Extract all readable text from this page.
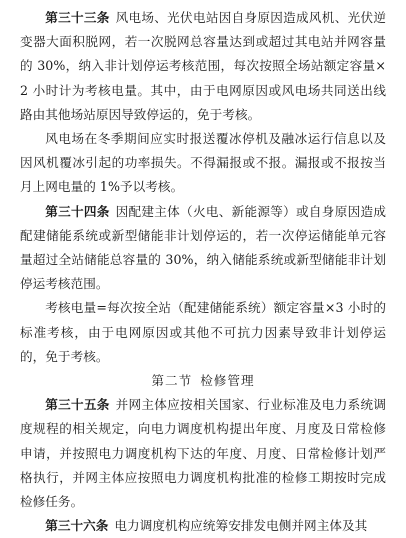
第三十三条 风电场、光伏电站因自身原因造成风机、光伏逆变器大面积脱网，若一次脱网总容量达到或超过其电站并网容量的 30%，纳入非计划停运考核范围，每次按照全场站额定容量×2 小时计为考核电量。其中，由于电网原因或风电场共同送出线路由其他场站原因导致停运的，免于考核。

风电场在冬季期间应实时报送覆冰停机及融冰运行信息以及因风机覆冰引起的功率损失。不得漏报或不报。漏报或不报按当月上网电量的 1%予以考核。

第三十四条 因配建主体（火电、新能源等）或自身原因造成配建储能系统或新型储能非计划停运的，若一次停运储能单元容量超过全站储能总容量的 30%，纳入储能系统或新型储能非计划停运考核范围。

考核电量=每次按全站（配建储能系统）额定容量×3 小时的标准考核，由于电网原因或其他不可抗力因素导致非计划停运的，免于考核。

第二节 检修管理

第三十五条 并网主体应按相关国家、行业标准及电力系统调度规程的相关规定，向电力调度机构提出年度、月度及日常检修申请，并按照电力调度机构下达的年度、月度、日常检修计划严格执行，并网主体应按照电力调度机构批准的检修工期按时完成检修任务。

第三十六条 电力调度机构应统筹安排发电侧并网主体及其
